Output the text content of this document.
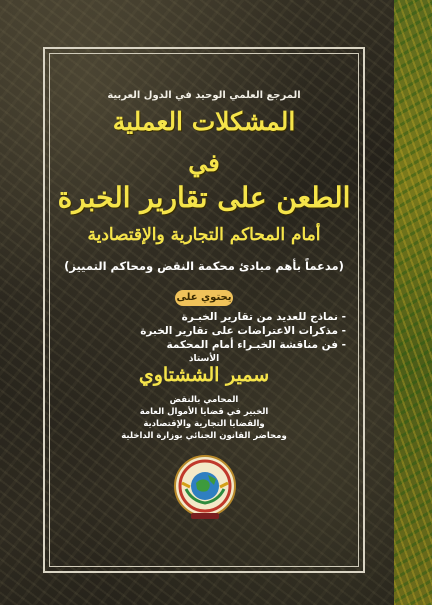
المرجع العلمي الوحيد في الدول العربية
المشكلات العملية
في
الطعن على تقارير الخبرة
أمام المحاكم التجارية والإقتصادية
(مدعماً بأهم مبادئ محكمة النقض ومحاكم التمييز)
يحتوي على
- نماذج للعديد من تقارير الخبـرة
- مذكرات الاعتراضات على تقارير الخبرة
- فن مناقشة الخبـراء أمام المحكمة
الأستاذ
سمير الششتاوي
المحامي بالنقض
الخبير في قضايا الأموال العامة
والقضايا التجارية والإقتصادية
ومحاضر القانون الجنائي بوزارة الداخلية
